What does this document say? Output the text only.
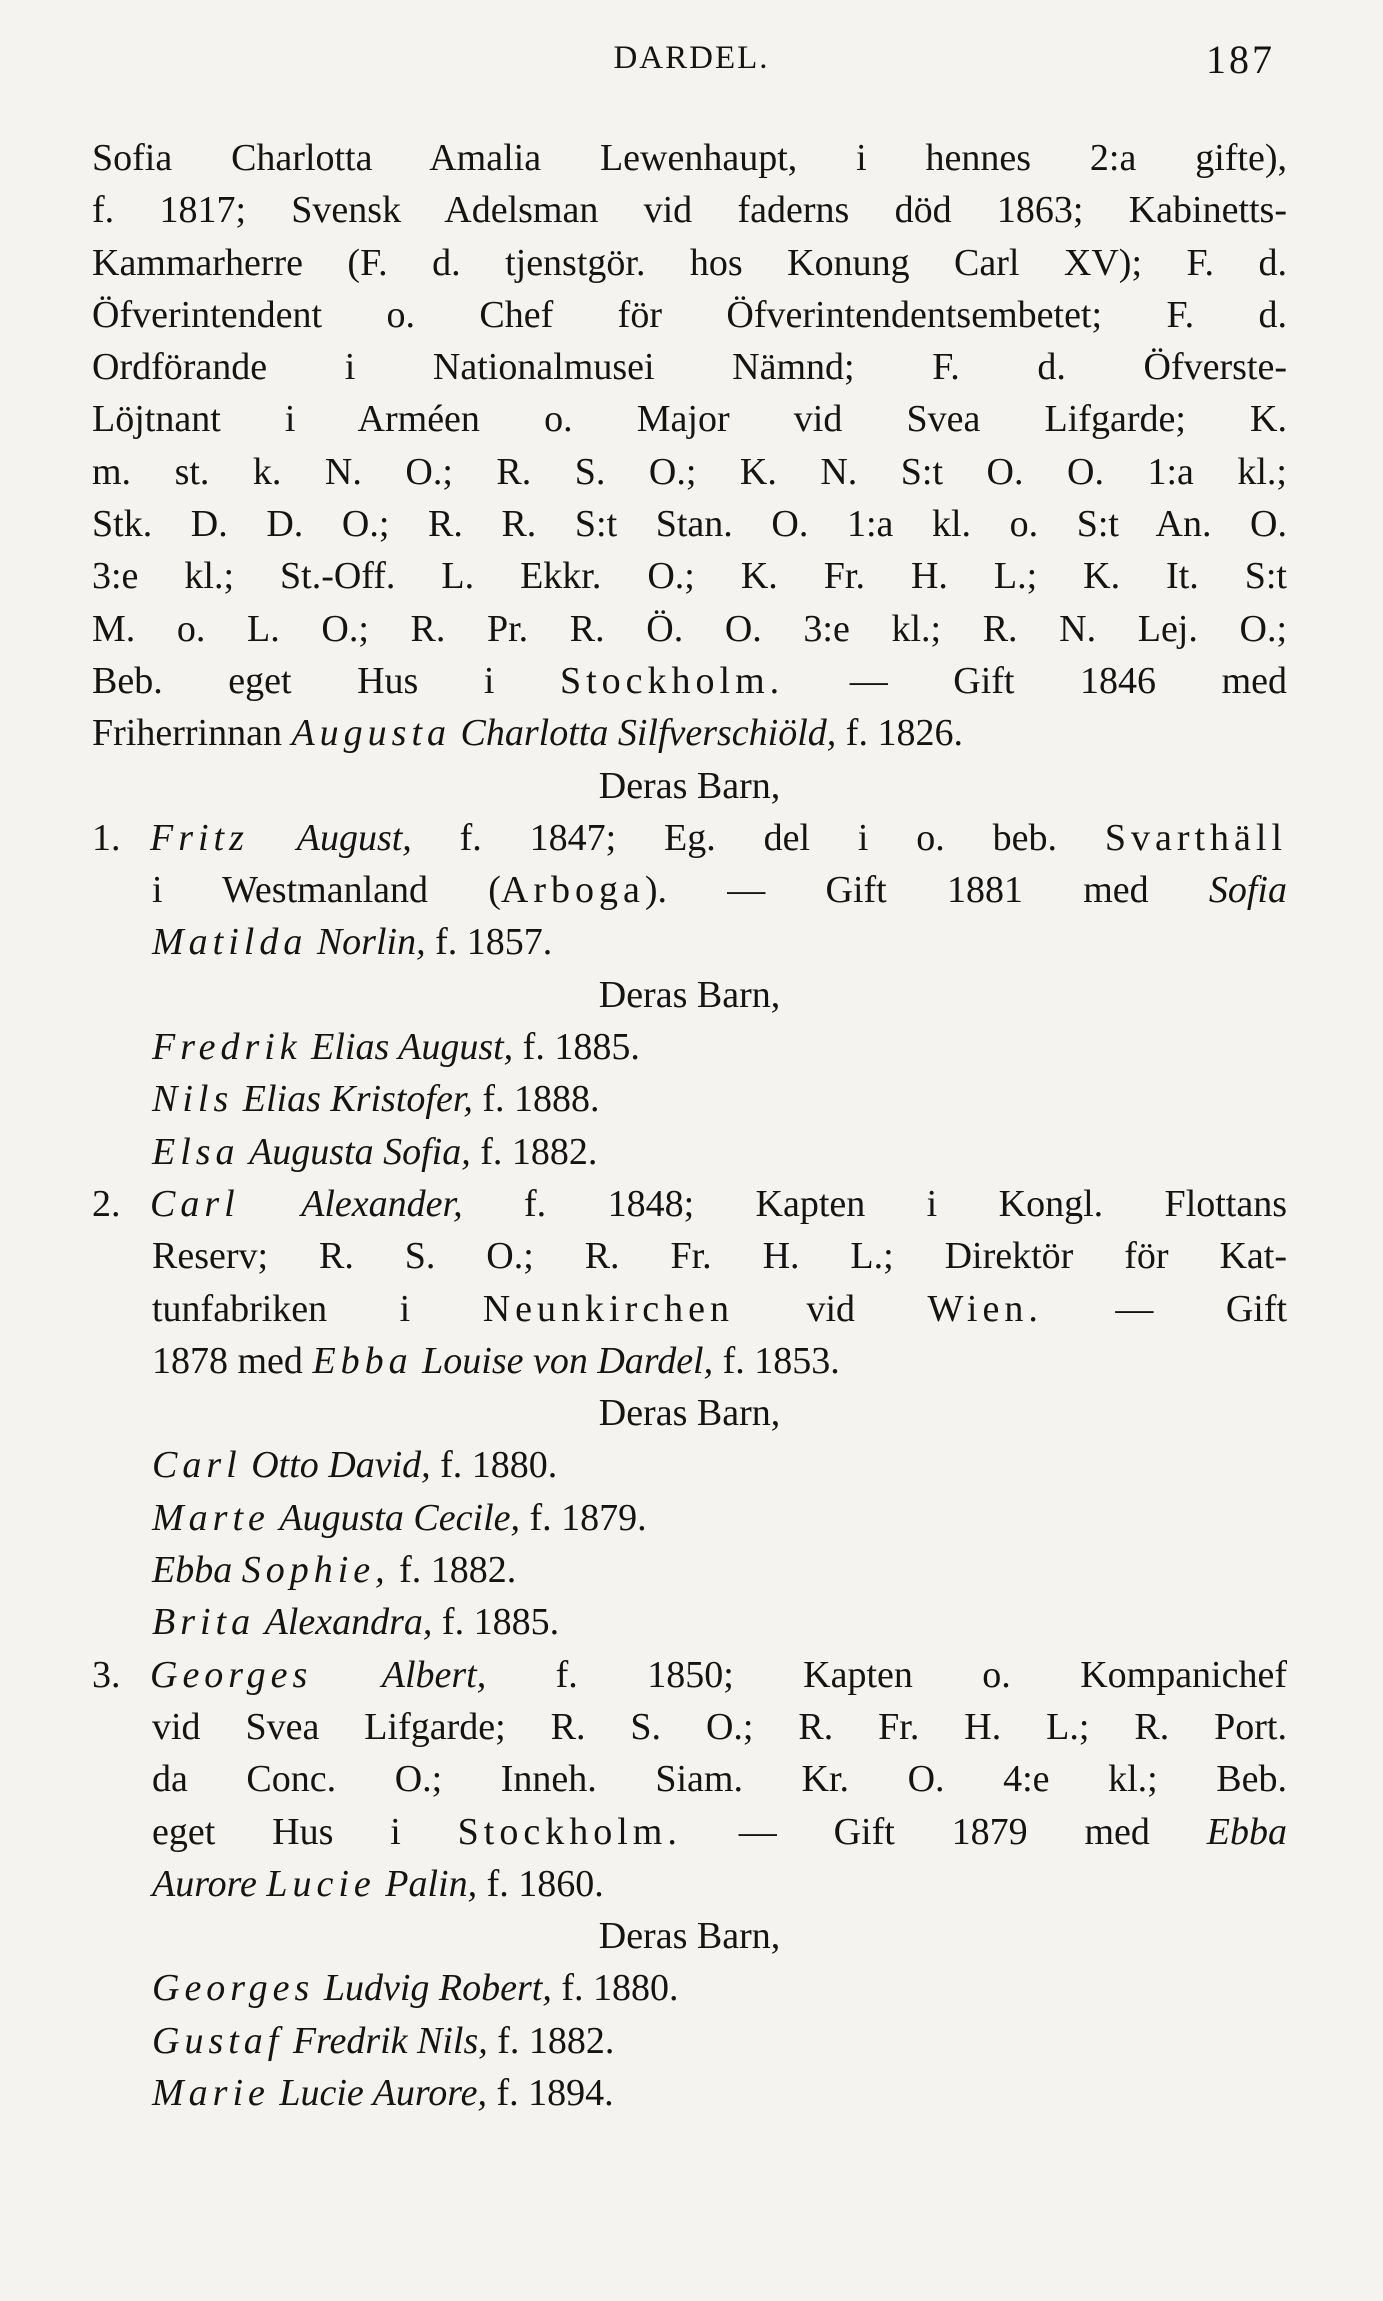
DARDEL.	187
Sofia Charlotta Amalia Lewenhaupt, i hennes 2:a gifte),
f. 1817; Svensk Adelsman vid faderns död 1863; Kabinetts-
Kammarherre (F. d. tjenstgör. hos Konung Carl XV); F. d.
Öfverintendent o. Chef för Öfverintendentsembetet; F. d.
Ordförande i Nationalmusei Nämnd; F. d. Öfverste-
Löjtnant i Arméen o. Major vid Svea Lifgarde; K.
m. st. k. N. O.; R. S. O.; K. N. S:t O. O. 1:a kl.;
Stk. D. D. O.; R. R. S:t Stan. O. 1:a kl. o. S:t An. O.
3:e kl.; St.-Off. L. Ekkr. O.; K. Fr. H. L.; K. It. S:t
M. o. L. O.; R. Pr. R. Ö. O. 3:e kl.; R. N. Lej. O.;
Beb. eget Hus i Stockholm. — Gift 1846 med
Friherrinnan Augusta Charlotta Silfverschiöld, f. 1826.
Deras Barn,
1. Fritz August, f. 1847; Eg. del i o. beb. Svarthäll
i Westmanland (Arboga). — Gift 1881 med Sofia
Matilda Norlin, f. 1857.
Deras Barn,
Fredrik Elias August, f. 1885.
Nils Elias Kristofer, f. 1888.
Elsa Augusta Sofia, f. 1882.
2. Carl Alexander, f. 1848; Kapten i Kongl. Flottans
Reserv; R. S. O.; R. Fr. H. L.; Direktör för Kat-
tunfabriken i Neunkirchen vid Wien. — Gift
1878 med Ebba Louise von Dardel, f. 1853.
Deras Barn,
Carl Otto David, f. 1880.
Marte Augusta Cecile, f. 1879.
Ebba Sophie, f. 1882.
Brita Alexandra, f. 1885.
3. Georges Albert, f. 1850; Kapten o. Kompanichef
vid Svea Lifgarde; R. S. O.; R. Fr. H. L.; R. Port.
da Conc. O.; Inneh. Siam. Kr. O. 4:e kl.; Beb.
eget Hus i Stockholm. — Gift 1879 med Ebba
Aurore Lucie Palin, f. 1860.
Deras Barn,
Georges Ludvig Robert, f. 1880.
Gustaf Fredrik Nils, f. 1882.
Marie Lucie Aurore, f. 1894.
